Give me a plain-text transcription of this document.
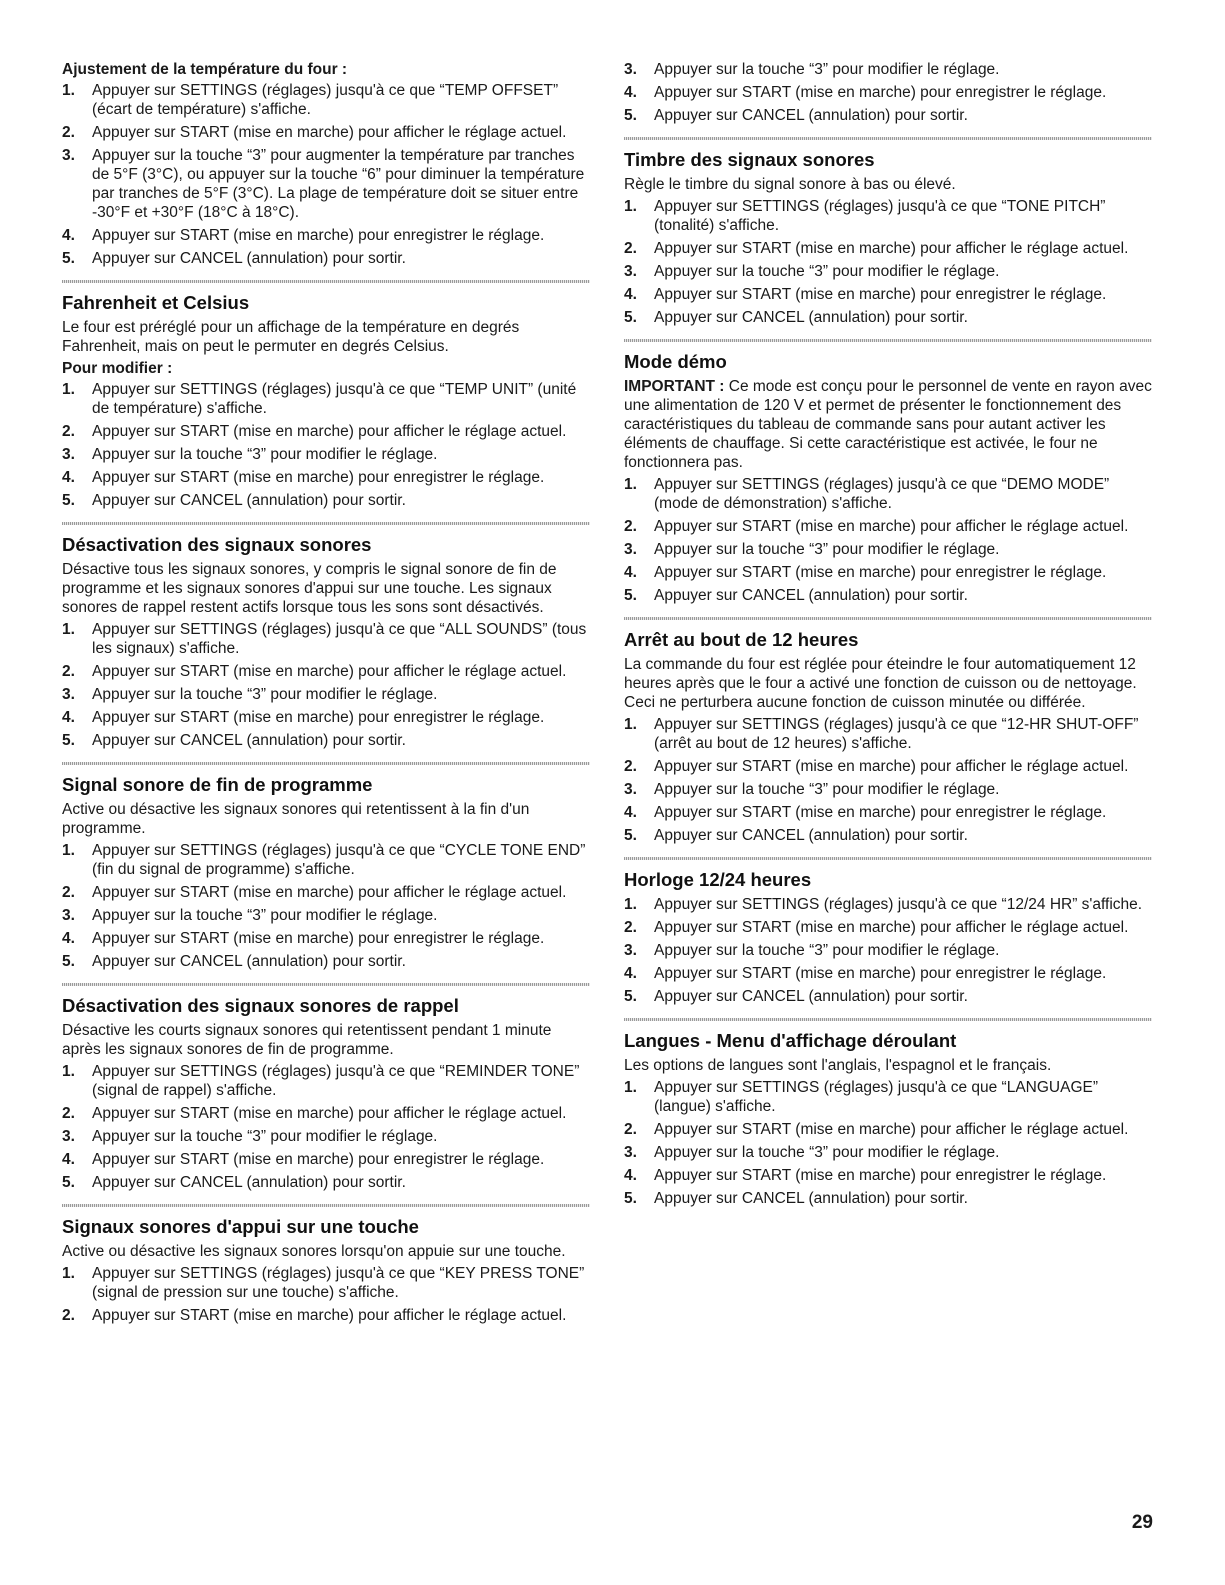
Ajustement de la température du four :
1. Appuyer sur SETTINGS (réglages) jusqu'à ce que “TEMP OFFSET” (écart de température) s'affiche.
2. Appuyer sur START (mise en marche) pour afficher le réglage actuel.
3. Appuyer sur la touche “3” pour augmenter la température par tranches de 5°F (3°C), ou appuyer sur la touche “6” pour diminuer la température par tranches de 5°F (3°C). La plage de température doit se situer entre -30°F et +30°F (18°C à 18°C).
4. Appuyer sur START (mise en marche) pour enregistrer le réglage.
5. Appuyer sur CANCEL (annulation) pour sortir.
Fahrenheit et Celsius
Le four est préréglé pour un affichage de la température en degrés Fahrenheit, mais on peut le permuter en degrés Celsius.
Pour modifier :
1. Appuyer sur SETTINGS (réglages) jusqu'à ce que “TEMP UNIT” (unité de température) s'affiche.
2. Appuyer sur START (mise en marche) pour afficher le réglage actuel.
3. Appuyer sur la touche “3” pour modifier le réglage.
4. Appuyer sur START (mise en marche) pour enregistrer le réglage.
5. Appuyer sur CANCEL (annulation) pour sortir.
Désactivation des signaux sonores
Désactive tous les signaux sonores, y compris le signal sonore de fin de programme et les signaux sonores d'appui sur une touche. Les signaux sonores de rappel restent actifs lorsque tous les sons sont désactivés.
1. Appuyer sur SETTINGS (réglages) jusqu'à ce que “ALL SOUNDS” (tous les signaux) s'affiche.
2. Appuyer sur START (mise en marche) pour afficher le réglage actuel.
3. Appuyer sur la touche “3” pour modifier le réglage.
4. Appuyer sur START (mise en marche) pour enregistrer le réglage.
5. Appuyer sur CANCEL (annulation) pour sortir.
Signal sonore de fin de programme
Active ou désactive les signaux sonores qui retentissent à la fin d'un programme.
1. Appuyer sur SETTINGS (réglages) jusqu'à ce que “CYCLE TONE END” (fin du signal de programme) s'affiche.
2. Appuyer sur START (mise en marche) pour afficher le réglage actuel.
3. Appuyer sur la touche “3” pour modifier le réglage.
4. Appuyer sur START (mise en marche) pour enregistrer le réglage.
5. Appuyer sur CANCEL (annulation) pour sortir.
Désactivation des signaux sonores de rappel
Désactive les courts signaux sonores qui retentissent pendant 1 minute après les signaux sonores de fin de programme.
1. Appuyer sur SETTINGS (réglages) jusqu'à ce que “REMINDER TONE” (signal de rappel) s'affiche.
2. Appuyer sur START (mise en marche) pour afficher le réglage actuel.
3. Appuyer sur la touche “3” pour modifier le réglage.
4. Appuyer sur START (mise en marche) pour enregistrer le réglage.
5. Appuyer sur CANCEL (annulation) pour sortir.
Signaux sonores d'appui sur une touche
Active ou désactive les signaux sonores lorsqu'on appuie sur une touche.
1. Appuyer sur SETTINGS (réglages) jusqu'à ce que “KEY PRESS TONE” (signal de pression sur une touche) s'affiche.
2. Appuyer sur START (mise en marche) pour afficher le réglage actuel.
3. Appuyer sur la touche “3” pour modifier le réglage.
4. Appuyer sur START (mise en marche) pour enregistrer le réglage.
5. Appuyer sur CANCEL (annulation) pour sortir.
Timbre des signaux sonores
Règle le timbre du signal sonore à bas ou élevé.
1. Appuyer sur SETTINGS (réglages) jusqu'à ce que “TONE PITCH” (tonalité) s'affiche.
2. Appuyer sur START (mise en marche) pour afficher le réglage actuel.
3. Appuyer sur la touche “3” pour modifier le réglage.
4. Appuyer sur START (mise en marche) pour enregistrer le réglage.
5. Appuyer sur CANCEL (annulation) pour sortir.
Mode démo
IMPORTANT : Ce mode est conçu pour le personnel de vente en rayon avec une alimentation de 120 V et permet de présenter le fonctionnement des caractéristiques du tableau de commande sans pour autant activer les éléments de chauffage. Si cette caractéristique est activée, le four ne fonctionnera pas.
1. Appuyer sur SETTINGS (réglages) jusqu'à ce que “DEMO MODE” (mode de démonstration) s'affiche.
2. Appuyer sur START (mise en marche) pour afficher le réglage actuel.
3. Appuyer sur la touche “3” pour modifier le réglage.
4. Appuyer sur START (mise en marche) pour enregistrer le réglage.
5. Appuyer sur CANCEL (annulation) pour sortir.
Arrêt au bout de 12 heures
La commande du four est réglée pour éteindre le four automatiquement 12 heures après que le four a activé une fonction de cuisson ou de nettoyage. Ceci ne perturbera aucune fonction de cuisson minutée ou différée.
1. Appuyer sur SETTINGS (réglages) jusqu'à ce que “12-HR SHUT-OFF” (arrêt au bout de 12 heures) s'affiche.
2. Appuyer sur START (mise en marche) pour afficher le réglage actuel.
3. Appuyer sur la touche “3” pour modifier le réglage.
4. Appuyer sur START (mise en marche) pour enregistrer le réglage.
5. Appuyer sur CANCEL (annulation) pour sortir.
Horloge 12/24 heures
1. Appuyer sur SETTINGS (réglages) jusqu'à ce que “12/24 HR” s'affiche.
2. Appuyer sur START (mise en marche) pour afficher le réglage actuel.
3. Appuyer sur la touche “3” pour modifier le réglage.
4. Appuyer sur START (mise en marche) pour enregistrer le réglage.
5. Appuyer sur CANCEL (annulation) pour sortir.
Langues - Menu d'affichage déroulant
Les options de langues sont l'anglais, l'espagnol et le français.
1. Appuyer sur SETTINGS (réglages) jusqu'à ce que “LANGUAGE” (langue) s'affiche.
2. Appuyer sur START (mise en marche) pour afficher le réglage actuel.
3. Appuyer sur la touche “3” pour modifier le réglage.
4. Appuyer sur START (mise en marche) pour enregistrer le réglage.
5. Appuyer sur CANCEL (annulation) pour sortir.
29
